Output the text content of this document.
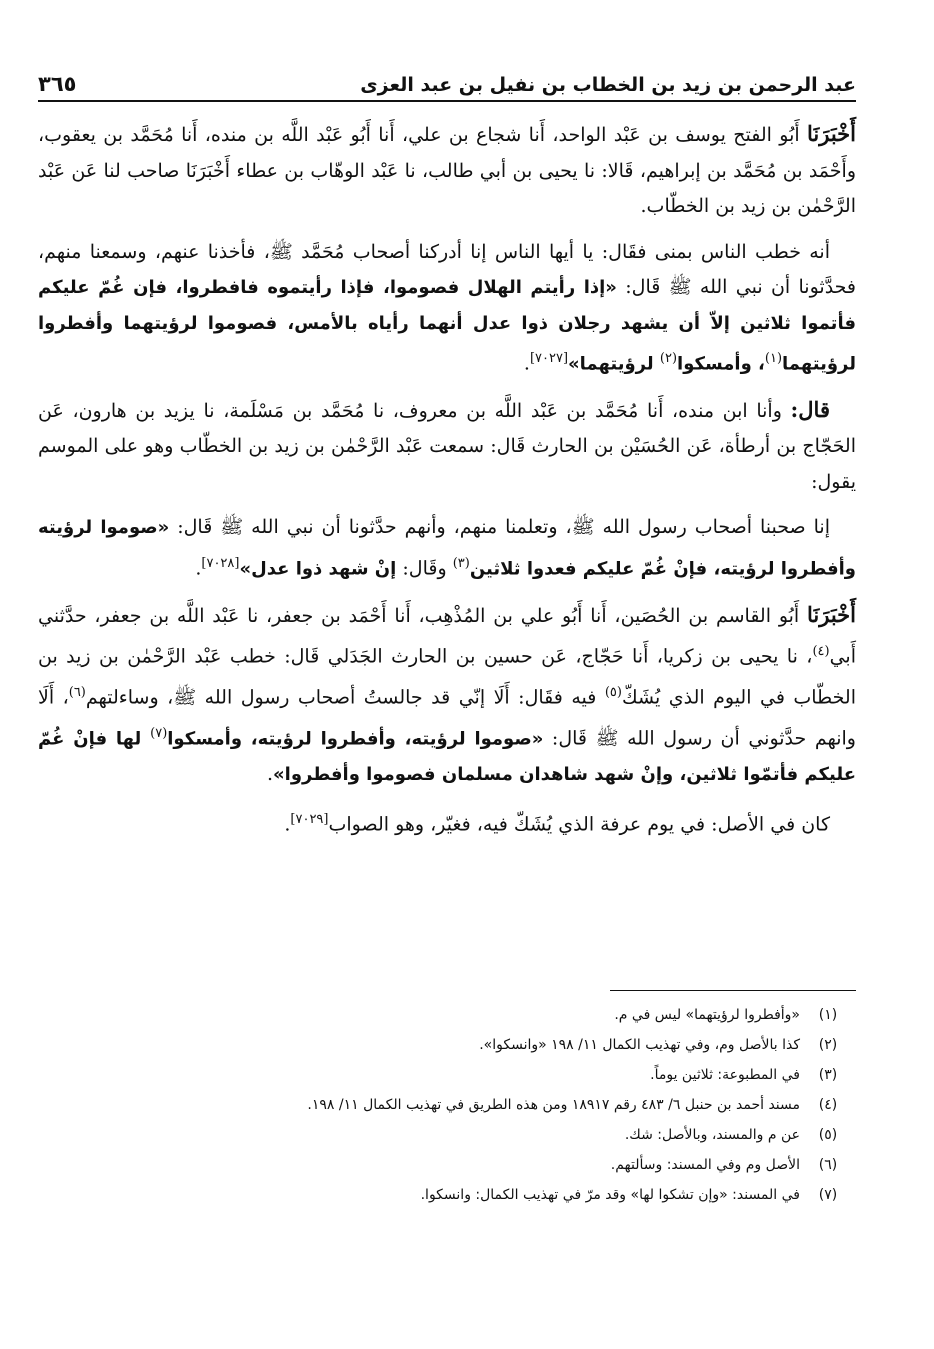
عبد الرحمن بن زيد بن الخطاب بن نفيل بن عبد العزى
٣٦٥

أَخْبَرَنَا أَبُو الفتح يوسف بن عَبْد الواحد، أَنا شجاع بن علي، أَنا أَبُو عَبْد اللَّه بن منده، أَنا مُحَمَّد بن يعقوب، وأَحْمَد بن مُحَمَّد بن إبراهيم، قَالا: نا يحيى بن أبي طالب، نا عَبْد الوهّاب بن عطاء أَخْبَرَنَا صاحب لنا عَن عَبْد الرَّحْمٰن بن زيد بن الخطّاب.

أنه خطب الناس بمنى فقَال: يا أيها الناس إنا أدركنا أصحاب مُحَمَّد ﷺ، فأخذنا عنهم، وسمعنا منهم، فحدَّثونا أن نبي الله ﷺ قَال: «إذا رأيتم الهلال فصوموا، فإذا رأيتموه فافطروا، فإن غُمّ عليكم فأتموا ثلاثين إلاّ أن يشهد رجلان ذوا عدل أنهما رأياه بالأمس، فصوموا لرؤيتهما وأفطروا لرؤيتهما$^{(١)}$، وأمسكوا$^{(٢)}$ لرؤيتهما»[٧٠٢٧].

قال: وأنا ابن منده، أَنا مُحَمَّد بن عَبْد اللَّه بن معروف، نا مُحَمَّد بن مَسْلَمة، نا يزيد بن هارون، عَن الحَجّاج بن أرطأة، عَن الحُسَيْن بن الحارث قَال: سمعت عَبْد الرَّحْمٰن بن زيد بن الخطّاب وهو على الموسم يقول:

إنا صحبنا أصحاب رسول الله ﷺ، وتعلمنا منهم، وأنهم حدَّثونا أن نبي الله ﷺ قَال: «صوموا لرؤيته وأفطروا لرؤيته، فإنْ غُمّ عليكم فعدوا ثلاثين$^{(٣)}$ وقَال: إنْ شهد ذوا عدل»[٧٠٢٨].

أَخْبَرَنَا أَبُو القاسم بن الحُصَين، أَنا أَبُو علي بن المُذْهِب، أَنا أَحْمَد بن جعفر، نا عَبْد اللَّه بن جعفر، حدَّثني أَبي$^{(٤)}$، نا يحيى بن زكريا، أَنا حَجّاج، عَن حسين بن الحارث الجَدَلي قَال: خطب عَبْد الرَّحْمٰن بن زيد بن الخطّاب في اليوم الذي يُشَكّ$^{(٥)}$ فيه فقَال: أَلَا إنّي قد جالستُ أصحاب رسول الله ﷺ، وساءلتهم$^{(٦)}$، أَلَا وانهم حدَّثوني أن رسول الله ﷺ قَال: «صوموا لرؤيته، وأفطروا لرؤيته، وأمسكوا$^{(٧)}$ لها فإنْ غُمّ عليكم فأتمّوا ثلاثين، وإنْ شهد شاهدان مسلمان فصوموا وأفطروا».

كان في الأصل: في يوم عرفة الذي يُشَكّ فيه، فغيّر، وهو الصواب[٧٠٢٩].

(١)
«وأفطروا لرؤيتهما» ليس في م.
(٢)
كذا بالأصل وم، وفي تهذيب الكمال ١١/ ١٩٨ «وانسكوا».
(٣)
في المطبوعة: ثلاثين يوماً.
(٤)
مسند أحمد بن حنبل ٦/ ٤٨٣ رقم ١٨٩١٧ ومن هذه الطريق في تهذيب الكمال ١١/ ١٩٨.
(٥)
عن م والمسند، وبالأصل: شك.
(٦)
الأصل وم وفي المسند: وسألتهم.
(٧)
في المسند: «وإن تشكوا لها» وقد مرّ في تهذيب الكمال: وانسكوا.
